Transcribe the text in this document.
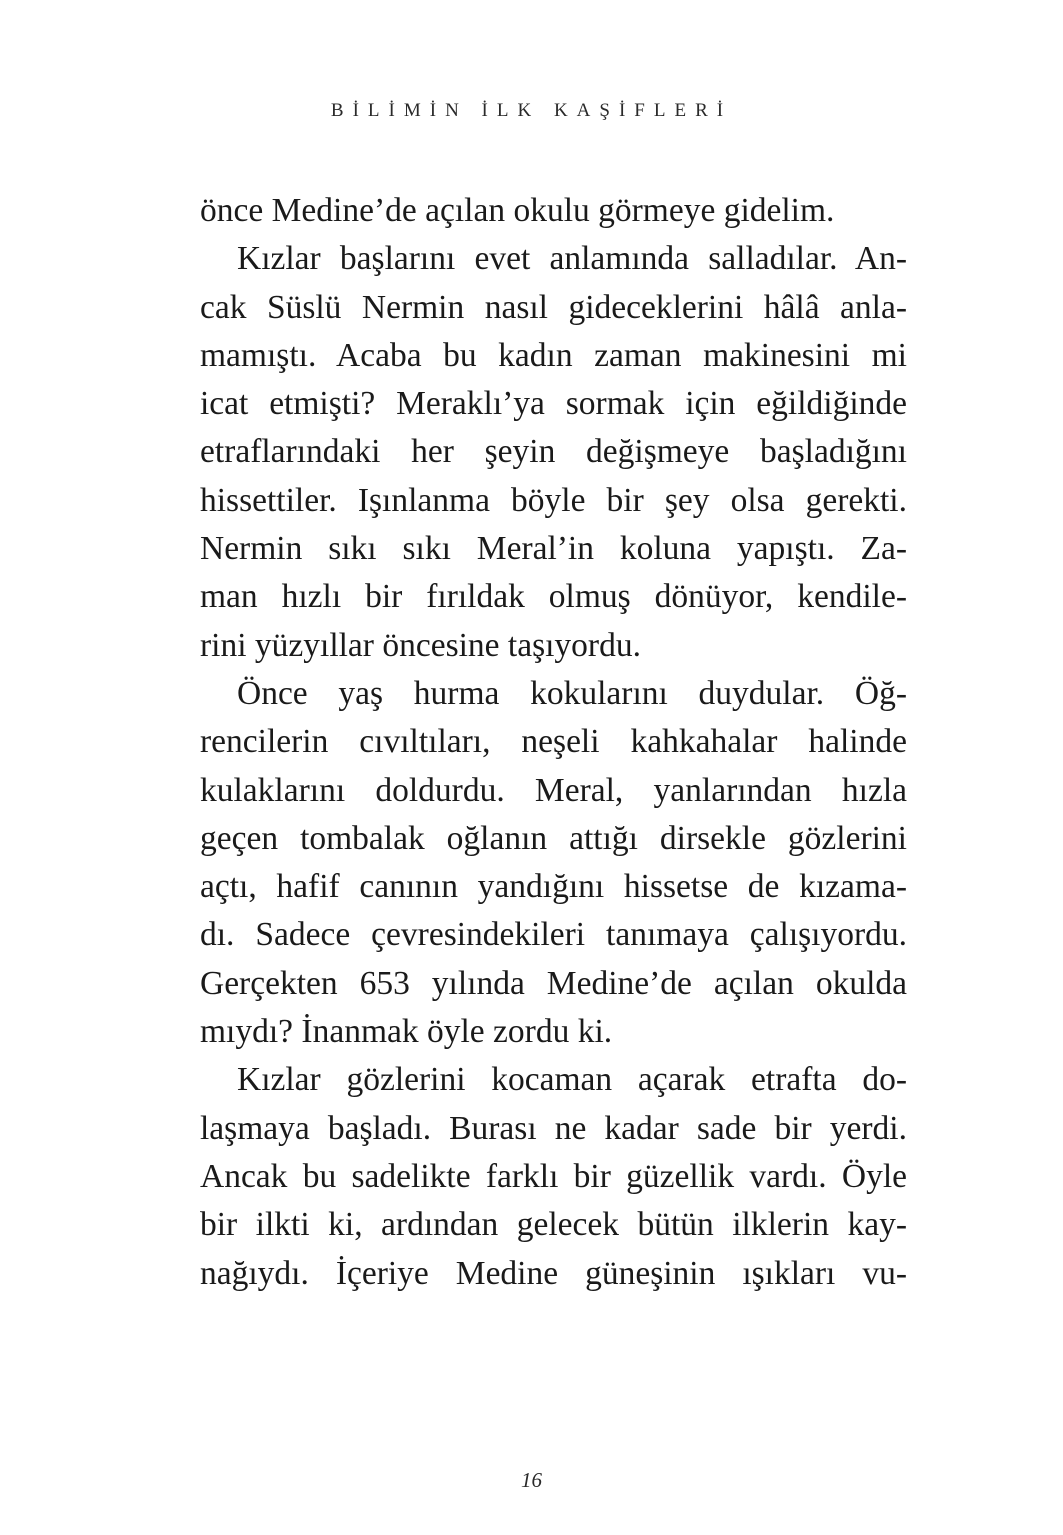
BİLİMİN İLK KAŞİFLERİ
önce Medine’de açılan okulu görmeye gidelim.
Kızlar başlarını evet anlamında salladılar. An-
cak Süslü Nermin nasıl gideceklerini hâlâ anla-
mamıştı. Acaba bu kadın zaman makinesini mi
icat etmişti? Meraklı’ya sormak için eğildiğinde
etraflarındaki her şeyin değişmeye başladığını
hissettiler. Işınlanma böyle bir şey olsa gerekti.
Nermin sıkı sıkı Meral’in koluna yapıştı. Za-
man hızlı bir fırıldak olmuş dönüyor, kendile-
rini yüzyıllar öncesine taşıyordu.
Önce yaş hurma kokularını duydular. Öğ-
rencilerin cıvıltıları, neşeli kahkahalar halinde
kulaklarını doldurdu. Meral, yanlarından hızla
geçen tombalak oğlanın attığı dirsekle gözlerini
açtı, hafif canının yandığını hissetse de kızama-
dı. Sadece çevresindekileri tanımaya çalışıyordu.
Gerçekten 653 yılında Medine’de açılan okulda
mıydı? İnanmak öyle zordu ki.
Kızlar gözlerini kocaman açarak etrafta do-
laşmaya başladı. Burası ne kadar sade bir yerdi.
Ancak bu sadelikte farklı bir güzellik vardı. Öyle
bir ilkti ki, ardından gelecek bütün ilklerin kay-
nağıydı. İçeriye Medine güneşinin ışıkları vu-
16
